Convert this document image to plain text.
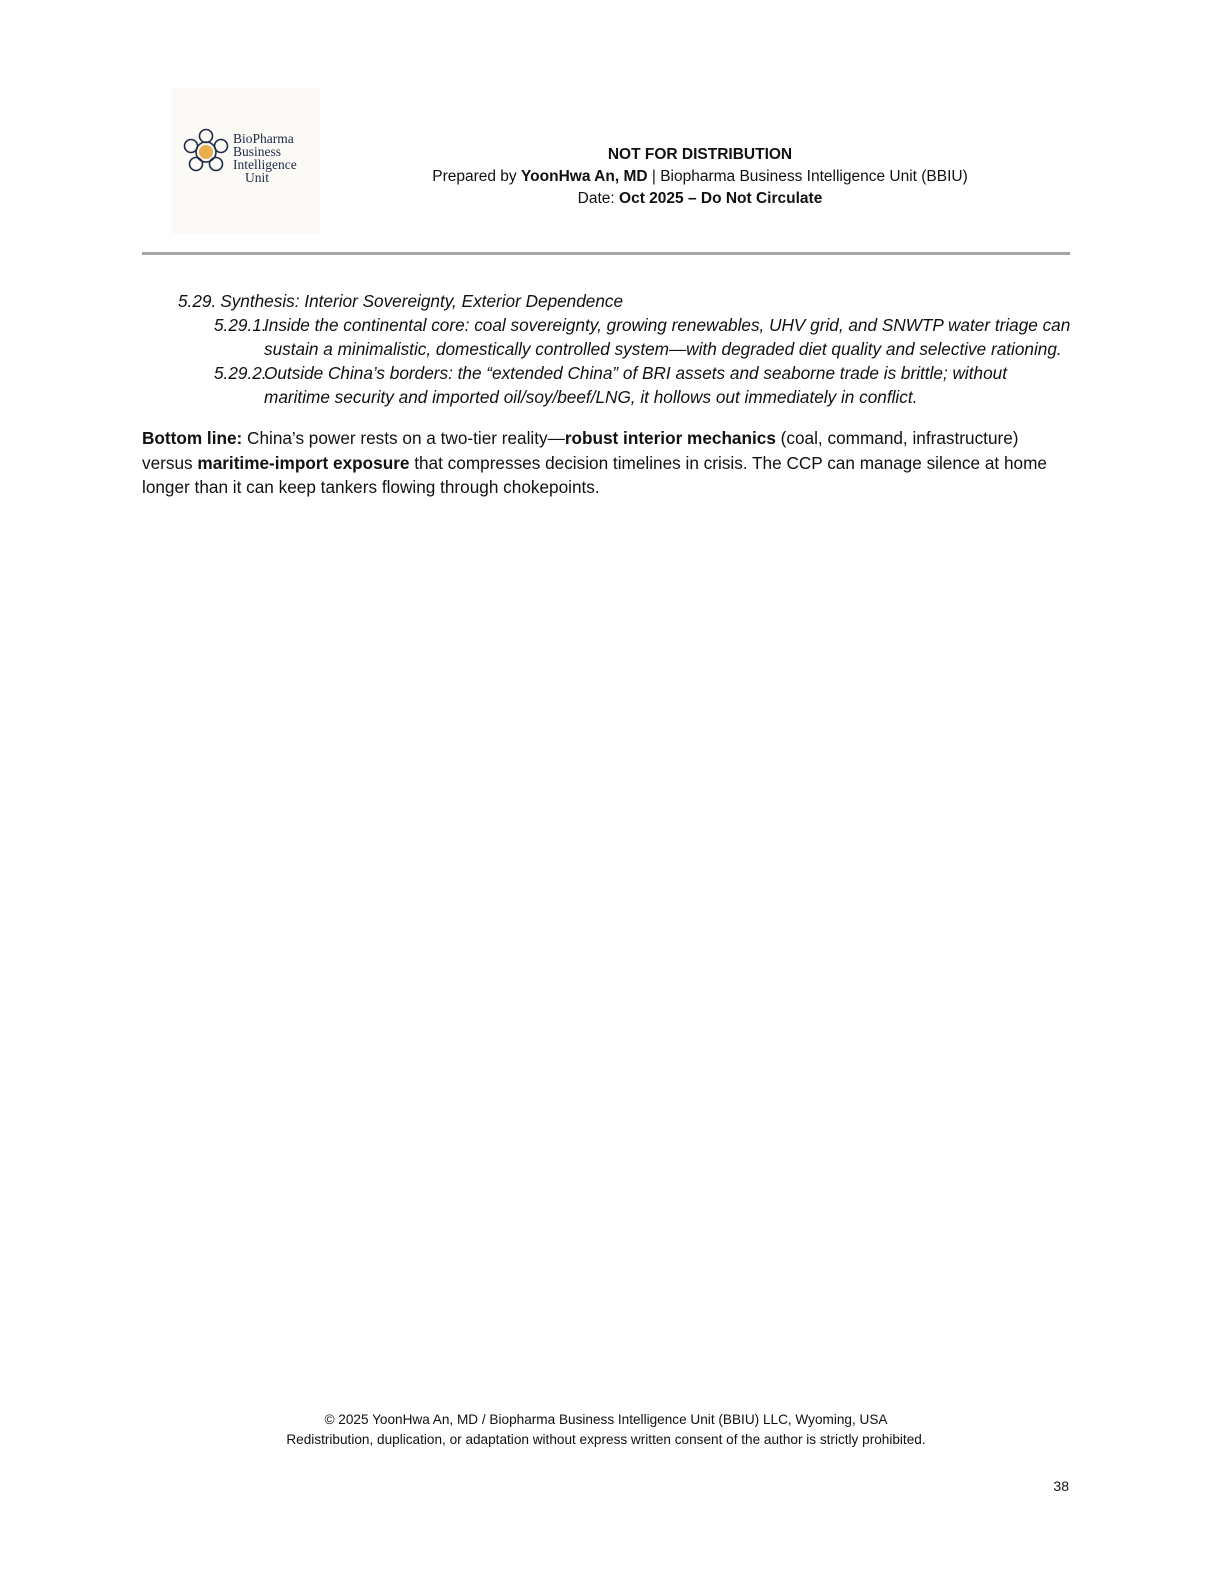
BioPharma
Business
Intelligence
Unit
NOT FOR DISTRIBUTION
Prepared by YoonHwa An, MD | Biopharma Business Intelligence Unit (BBIU)
Date: Oct 2025 – Do Not Circulate
5.29. Synthesis: Interior Sovereignty, Exterior Dependence
5.29.1.
Inside the continental core: coal sovereignty, growing renewables, UHV grid, and SNWTP water triage can sustain a minimalistic, domestically controlled system—with degraded diet quality and selective rationing.
5.29.2.
Outside China’s borders: the “extended China” of BRI assets and seaborne trade is brittle; without maritime security and imported oil/soy/beef/LNG, it hollows out immediately in conflict.
Bottom line: China’s power rests on a two-tier reality—robust interior mechanics (coal, command, infrastructure) versus maritime-import exposure that compresses decision timelines in crisis. The CCP can manage silence at home longer than it can keep tankers flowing through chokepoints.
© 2025 YoonHwa An, MD / Biopharma Business Intelligence Unit (BBIU) LLC, Wyoming, USA
Redistribution, duplication, or adaptation without express written consent of the author is strictly prohibited.
38
